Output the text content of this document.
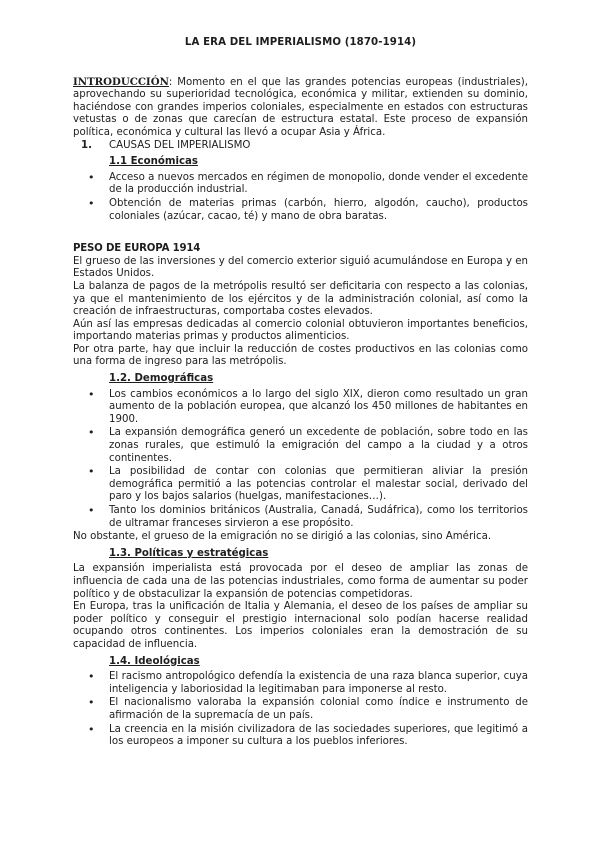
LA ERA DEL IMPERIALISMO (1870-1914)

INTRODUCCIÓN: Momento en el que las grandes potencias europeas (industriales), aprovechando su superioridad tecnológica, económica y militar, extienden su dominio, haciéndose con grandes imperios coloniales, especialmente en estados con estructuras vetustas o de zonas que carecían de estructura estatal. Este proceso de expansión política, económica y cultural las llevó a ocupar Asia y África.

1. CAUSAS DEL IMPERIALISMO
1.1 Económicas
• Acceso a nuevos mercados en régimen de monopolio, donde vender el excedente de la producción industrial.
• Obtención de materias primas (carbón, hierro, algodón, caucho), productos coloniales (azúcar, cacao, té) y mano de obra baratas.
PESO DE EUROPA 1914

El grueso de las inversiones y del comercio exterior siguió acumulándose en Europa y en Estados Unidos.

La balanza de pagos de la metrópolis resultó ser deficitaria con respecto a las colonias, ya que el mantenimiento de los ejércitos y de la administración colonial, así como la creación de infraestructuras, comportaba costes elevados.

Aún así las empresas dedicadas al comercio colonial obtuvieron importantes beneficios, importando materias primas y productos alimenticios.

Por otra parte, hay que incluir la reducción de costes productivos en las colonias como una forma de ingreso para las metrópolis.

1.2. Demográficas
• Los cambios económicos a lo largo del siglo XIX, dieron como resultado un gran aumento de la población europea, que alcanzó los 450 millones de habitantes en 1900.
• La expansión demográfica generó un excedente de población, sobre todo en las zonas rurales, que estimuló la emigración del campo a la ciudad y a otros continentes.
• La posibilidad de contar con colonias que permitieran aliviar la presión demográfica permitió a las potencias controlar el malestar social, derivado del paro y los bajos salarios (huelgas, manifestaciones…).
• Tanto los dominios británicos (Australia, Canadá, Sudáfrica), como los territorios de ultramar franceses sirvieron a ese propósito.

No obstante, el grueso de la emigración no se dirigió a las colonias, sino América.

1.3. Políticas y estratégicas

La expansión imperialista está provocada por el deseo de ampliar las zonas de influencia de cada una de las potencias industriales, como forma de aumentar su poder político y de obstaculizar la expansión de potencias competidoras.

En Europa, tras la unificación de Italia y Alemania, el deseo de los países de ampliar su poder político y conseguir el prestigio internacional solo podían hacerse realidad ocupando otros continentes. Los imperios coloniales eran la demostración de su capacidad de influencia.

1.4. Ideológicas
• El racismo antropológico defendía la existencia de una raza blanca superior, cuya inteligencia y laboriosidad la legitimaban para imponerse al resto.
• El nacionalismo valoraba la expansión colonial como índice e instrumento de afirmación de la supremacía de un país.
• La creencia en la misión civilizadora de las sociedades superiores, que legitimó a los europeos a imponer su cultura a los pueblos inferiores.
